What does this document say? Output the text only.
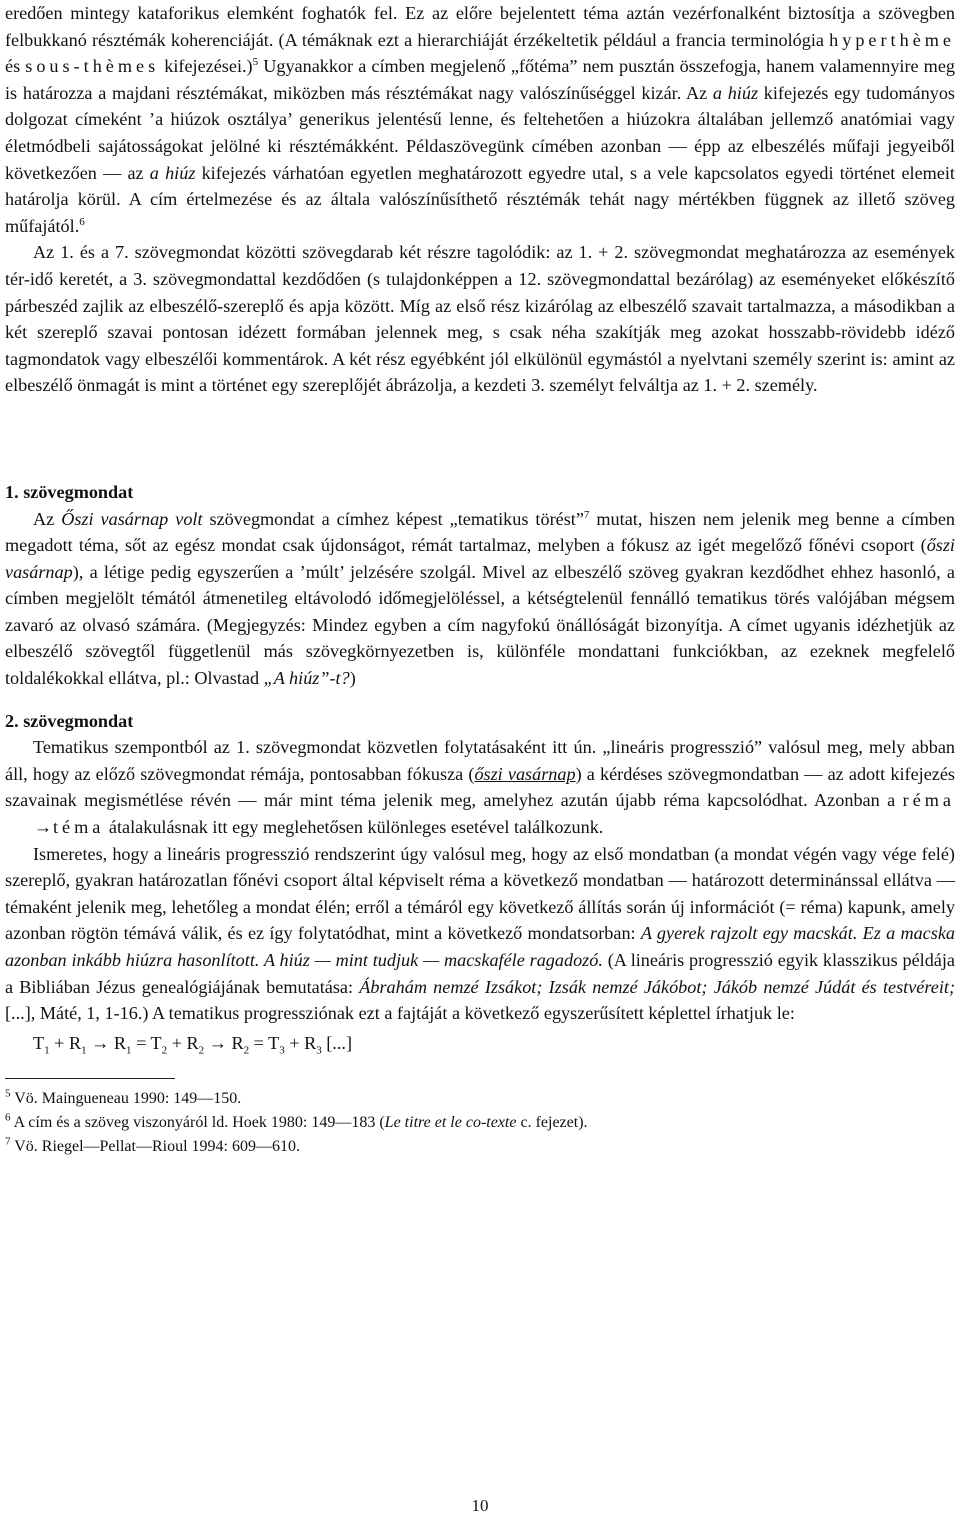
eredően mintegy kataforikus elemként foghatók fel. Ez az előre bejelentett téma aztán vezérfonalként biztosítja a szövegben felbukkanó résztémák koherenciáját. (A témáknak ezt a hierarchiáját érzékeltetik például a francia terminológia hyperthème és sous-thèmes kifejezései.)$^5$ Ugyanakkor a címben megjelenő „főtéma” nem pusztán összefogja, hanem valamennyire meg is határozza a majdani résztémákat, miközben más résztémákat nagy valószínűséggel kizár. Az a hiúz kifejezés egy tudományos dolgozat címeként ’a hiúzok osztálya’ generikus jelentésű lenne, és feltehetően a hiúzokra általában jellemző anatómiai vagy életmódbeli sajátosságokat jelölné ki résztémákként. Példaszövegünk címében azonban — épp az elbeszélés műfaji jegyeiből következően — az a hiúz kifejezés várhatóan egyetlen meghatározott egyedre utal, s a vele kapcsolatos egyedi történet elemeit határolja körül. A cím értelmezése és az általa valószínűsíthető résztémák tehát nagy mértékben függnek az illető szöveg műfajától.$^6$

Az 1. és a 7. szövegmondat közötti szövegdarab két részre tagolódik: az 1. + 2. szövegmondat meghatározza az események tér-idő keretét, a 3. szövegmondattal kezdődően (s tulajdonképpen a 12. szövegmondattal bezárólag) az eseményeket előkészítő párbeszéd zajlik az elbeszélő-szereplő és apja között. Míg az első rész kizárólag az elbeszélő szavait tartalmazza, a másodikban a két szereplő szavai pontosan idézett formában jelennek meg, s csak néha szakítják meg azokat hosszabb-rövidebb idéző tagmondatok vagy elbeszélői kommentárok. A két rész egyébként jól elkülönül egymástól a nyelvtani személy szerint is: amint az elbeszélő önmagát is mint a történet egy szereplőjét ábrázolja, a kezdeti 3. személyt felváltja az 1. + 2. személy.

1. szövegmondat

Az Őszi vasárnap volt szövegmondat a címhez képest „tematikus törést”$^7$ mutat, hiszen nem jelenik meg benne a címben megadott téma, sőt az egész mondat csak újdonságot, rémát tartalmaz, melyben a fókusz az igét megelőző főnévi csoport (őszi vasárnap), a létige pedig egyszerűen a ’múlt’ jelzésére szolgál. Mivel az elbeszélő szöveg gyakran kezdődhet ehhez hasonló, a címben megjelölt témától átmenetileg eltávolodó időmegjelöléssel, a kétségtelenül fennálló tematikus törés valójában mégsem zavaró az olvasó számára. (Megjegyzés: Mindez egyben a cím nagyfokú önállóságát bizonyítja. A címet ugyanis idézhetjük az elbeszélő szövegtől függetlenül más szövegkörnyezetben is, különféle mondattani funkciókban, az ezeknek megfelelő toldalékokkal ellátva, pl.: Olvastad „A hiúz”-t?)

2. szövegmondat

Tematikus szempontból az 1. szövegmondat közvetlen folytatásaként itt ún. „lineáris progresszió” valósul meg, mely abban áll, hogy az előző szövegmondat rémája, pontosabban fókusza (őszi vasárnap) a kérdéses szövegmondatban — az adott kifejezés szavainak megismétlése révén — már mint téma jelenik meg, amelyhez azután újabb réma kapcsolódhat. Azonban a réma→téma átalakulásnak itt egy meglehetősen különleges esetével találkozunk.

Ismeretes, hogy a lineáris progresszió rendszerint úgy valósul meg, hogy az első mondatban (a mondat végén vagy vége felé) szereplő, gyakran határozatlan főnévi csoport által képviselt réma a következő mondatban — határozott determinánssal ellátva — témaként jelenik meg, lehetőleg a mondat élén; erről a témáról egy következő állítás során új információt (= réma) kapunk, amely azonban rögtön témává válik, és ez így folytatódhat, mint a következő mondatsorban: A gyerek rajzolt egy macskát. Ez a macska azonban inkább hiúzra hasonlított. A hiúz — mint tudjuk — macskaféle ragadozó. (A lineáris progresszió egyik klasszikus példája a Bibliában Jézus genealógiájának bemutatása: Ábrahám nemzé Izsákot; Izsák nemzé Jákóbot; Jákób nemzé Júdát és testvéreit; [...], Máté, 1, 1-16.) A tematikus progressziónak ezt a fajtáját a következő egyszerűsített képlettel írhatjuk le:

$T_1 + R_1 \to R_1 = T_2 + R_2 \to R_2 = T_3 + R_3$ [...]

$^5$ Vö. Maingueneau 1990: 149—150.

$^6$ A cím és a szöveg viszonyáról ld. Hoek 1980: 149—183 (Le titre et le co-texte c. fejezet).

$^7$ Vö. Riegel—Pellat—Rioul 1994: 609—610.

10
